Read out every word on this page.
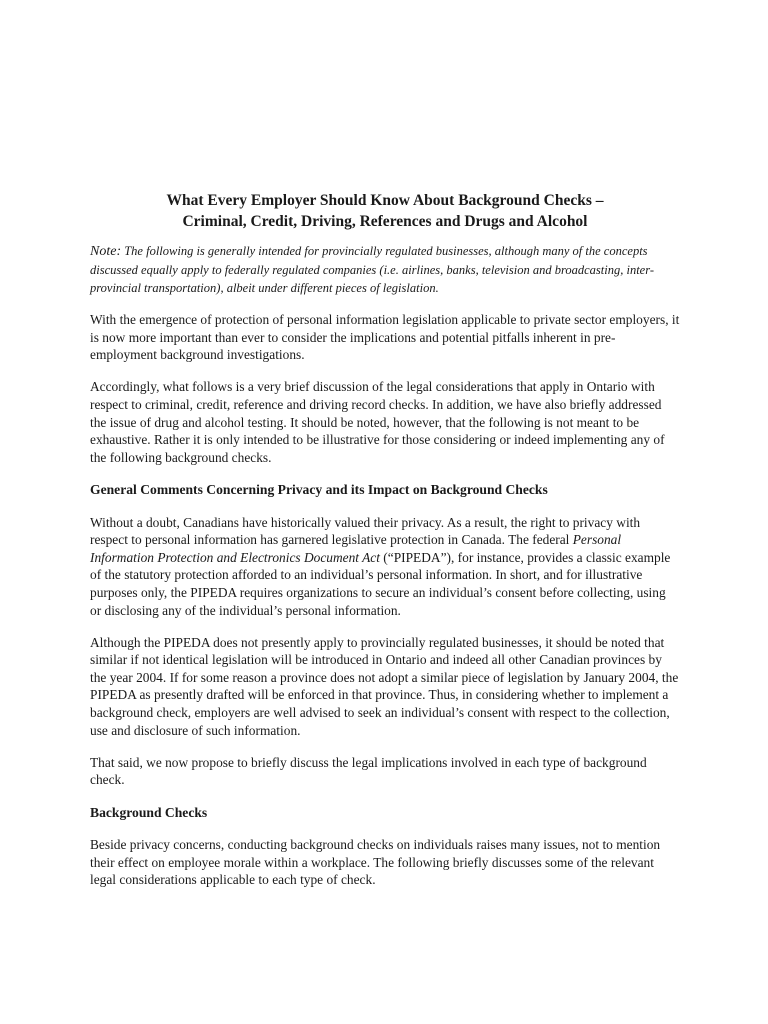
What Every Employer Should Know About Background Checks –
Criminal, Credit, Driving, References and Drugs and Alcohol
Note: The following is generally intended for provincially regulated businesses, although many of the concepts discussed equally apply to federally regulated companies (i.e. airlines, banks, television and broadcasting, inter-provincial transportation), albeit under different pieces of legislation.

With the emergence of protection of personal information legislation applicable to private sector employers, it is now more important than ever to consider the implications and potential pitfalls inherent in pre-employment background investigations.

Accordingly, what follows is a very brief discussion of the legal considerations that apply in Ontario with respect to criminal, credit, reference and driving record checks. In addition, we have also briefly addressed the issue of drug and alcohol testing. It should be noted, however, that the following is not meant to be exhaustive. Rather it is only intended to be illustrative for those considering or indeed implementing any of the following background checks.

General Comments Concerning Privacy and its Impact on Background Checks

Without a doubt, Canadians have historically valued their privacy. As a result, the right to privacy with respect to personal information has garnered legislative protection in Canada. The federal Personal Information Protection and Electronics Document Act (“PIPEDA”), for instance, provides a classic example of the statutory protection afforded to an individual’s personal information. In short, and for illustrative purposes only, the PIPEDA requires organizations to secure an individual’s consent before collecting, using or disclosing any of the individual’s personal information.

Although the PIPEDA does not presently apply to provincially regulated businesses, it should be noted that similar if not identical legislation will be introduced in Ontario and indeed all other Canadian provinces by the year 2004. If for some reason a province does not adopt a similar piece of legislation by January 2004, the PIPEDA as presently drafted will be enforced in that province. Thus, in considering whether to implement a background check, employers are well advised to seek an individual’s consent with respect to the collection, use and disclosure of such information.

That said, we now propose to briefly discuss the legal implications involved in each type of background check.

Background Checks

Beside privacy concerns, conducting background checks on individuals raises many issues, not to mention their effect on employee morale within a workplace. The following briefly discusses some of the relevant legal considerations applicable to each type of check.
